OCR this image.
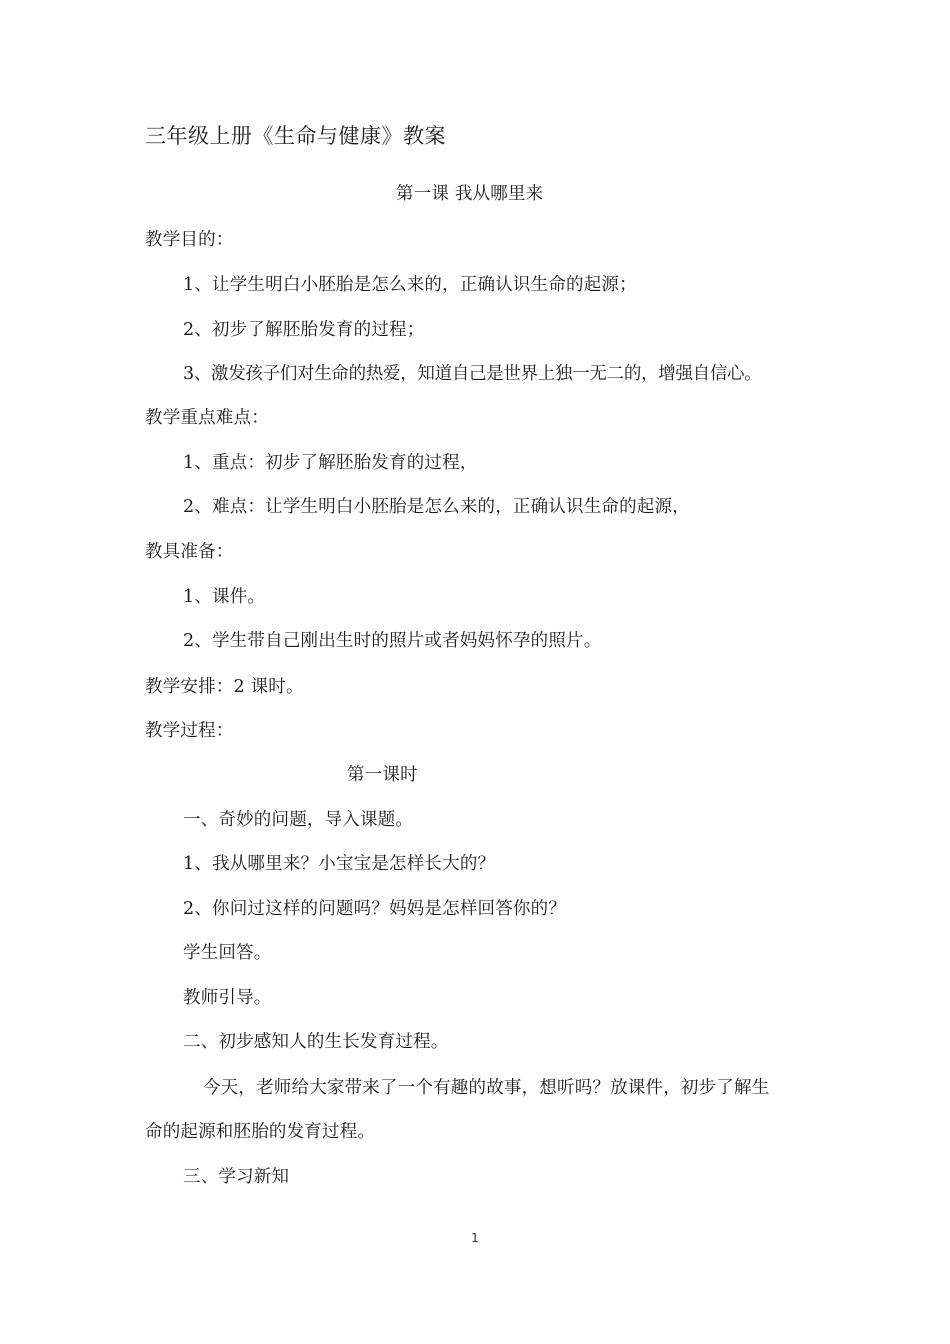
三年级上册《生命与健康》教案
第一课 我从哪里来
教学目的：
1、让学生明白小胚胎是怎么来的，正确认识生命的起源；
2、初步了解胚胎发育的过程；
3、激发孩子们对生命的热爱，知道自己是世界上独一无二的，增强自信心。
教学重点难点：
1、重点：初步了解胚胎发育的过程，
2、难点：让学生明白小胚胎是怎么来的，正确认识生命的起源，
教具准备：
1、课件。
2、学生带自己刚出生时的照片或者妈妈怀孕的照片。
教学安排：2 课时。
教学过程：
第一课时
一、奇妙的问题，导入课题。
1、我从哪里来？小宝宝是怎样长大的？
2、你问过这样的问题吗？妈妈是怎样回答你的？
学生回答。
教师引导。
二、初步感知人的生长发育过程。
今天，老师给大家带来了一个有趣的故事，想听吗？放课件，初步了解生
命的起源和胚胎的发育过程。
三、学习新知
1
